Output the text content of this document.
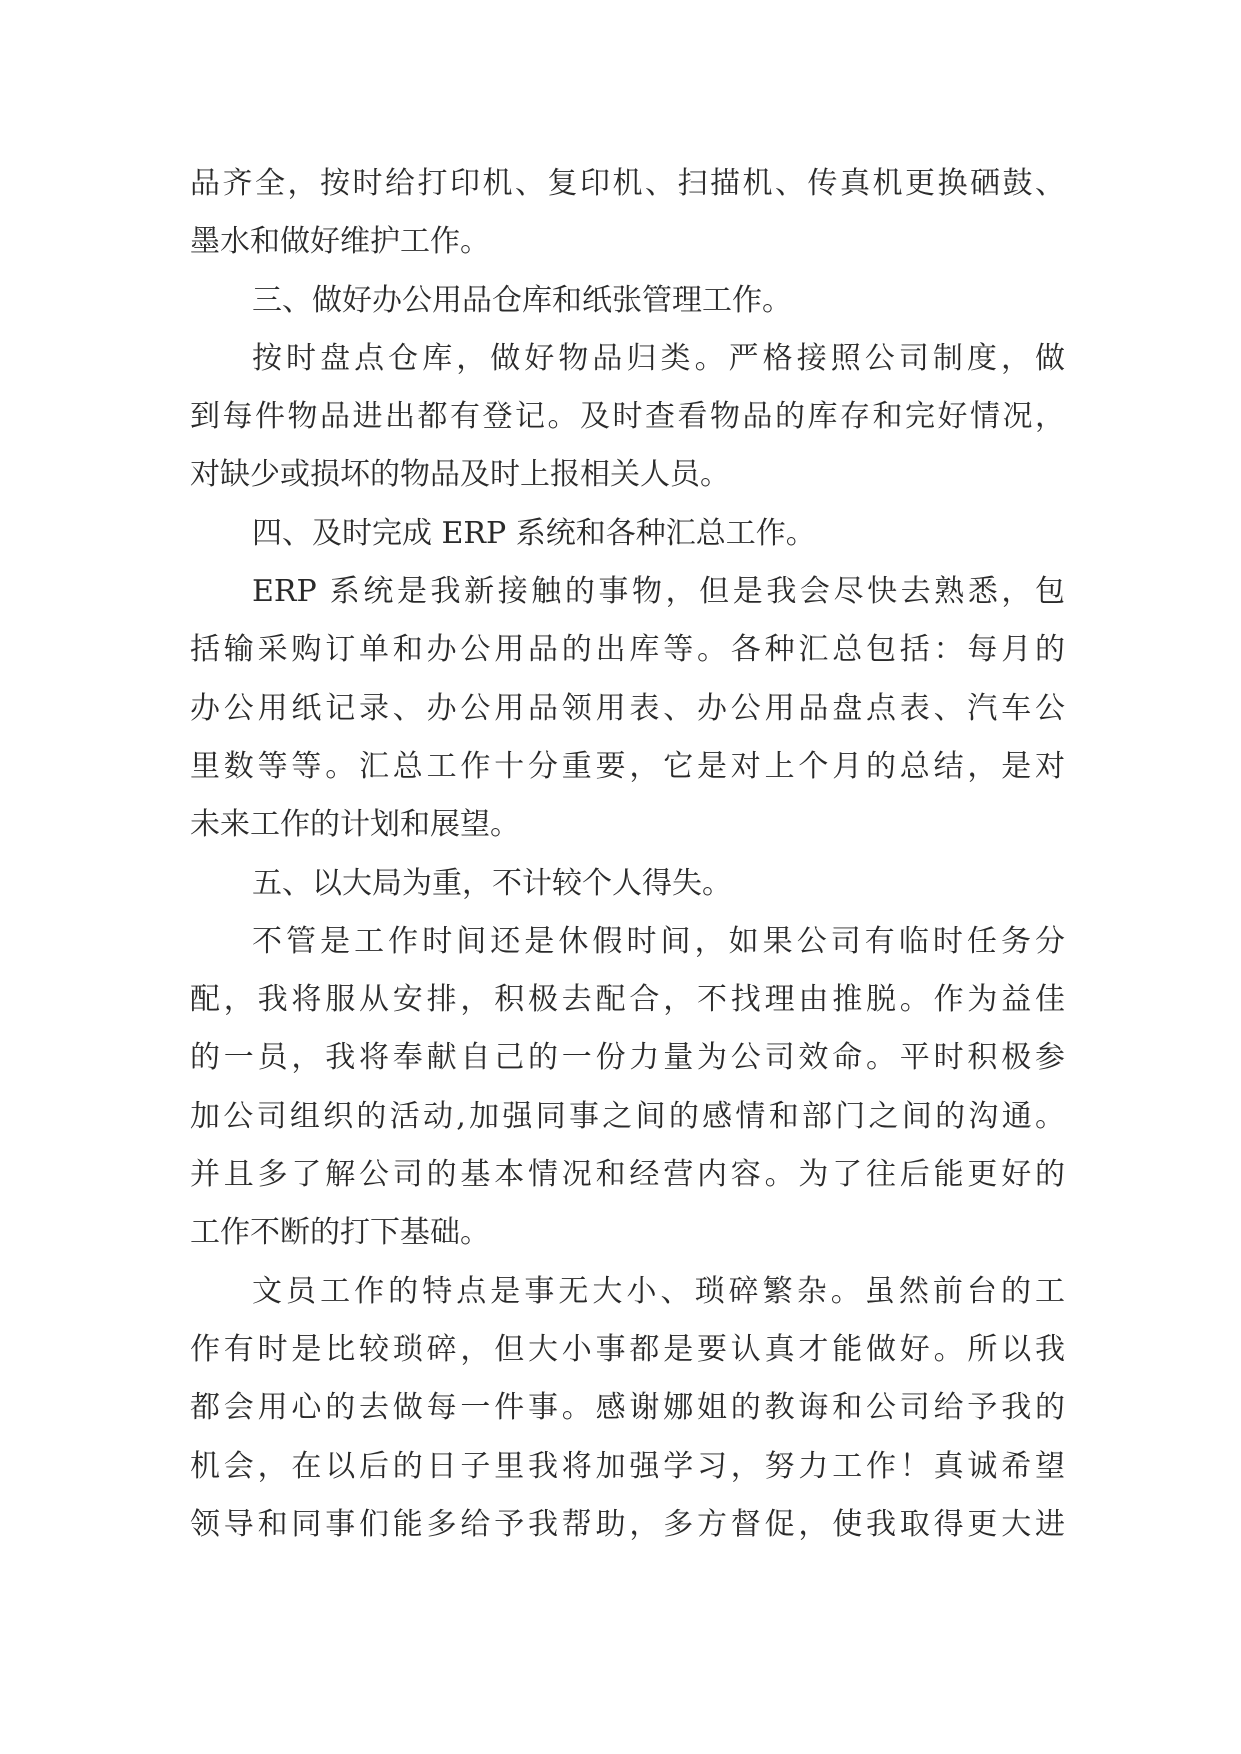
品齐全，按时给打印机、复印机、扫描机、传真机更换硒鼓、
墨水和做好维护工作。
三、做好办公用品仓库和纸张管理工作。
按时盘点仓库，做好物品归类。严格接照公司制度，做
到每件物品进出都有登记。及时查看物品的库存和完好情况，
对缺少或损坏的物品及时上报相关人员。
四、及时完成 ERP 系统和各种汇总工作。
ERP 系统是我新接触的事物，但是我会尽快去熟悉，包
括输采购订单和办公用品的出库等。各种汇总包括：每月的
办公用纸记录、办公用品领用表、办公用品盘点表、汽车公
里数等等。汇总工作十分重要，它是对上个月的总结，是对
未来工作的计划和展望。
五、以大局为重，不计较个人得失。
不管是工作时间还是休假时间，如果公司有临时任务分
配，我将服从安排，积极去配合，不找理由推脱。作为益佳
的一员，我将奉献自己的一份力量为公司效命。平时积极参
加公司组织的活动,加强同事之间的感情和部门之间的沟通。
并且多了解公司的基本情况和经营内容。为了往后能更好的
工作不断的打下基础。
文员工作的特点是事无大小、琐碎繁杂。虽然前台的工
作有时是比较琐碎，但大小事都是要认真才能做好。所以我
都会用心的去做每一件事。感谢娜姐的教诲和公司给予我的
机会，在以后的日子里我将加强学习，努力工作！真诚希望
领导和同事们能多给予我帮助，多方督促，使我取得更大进
